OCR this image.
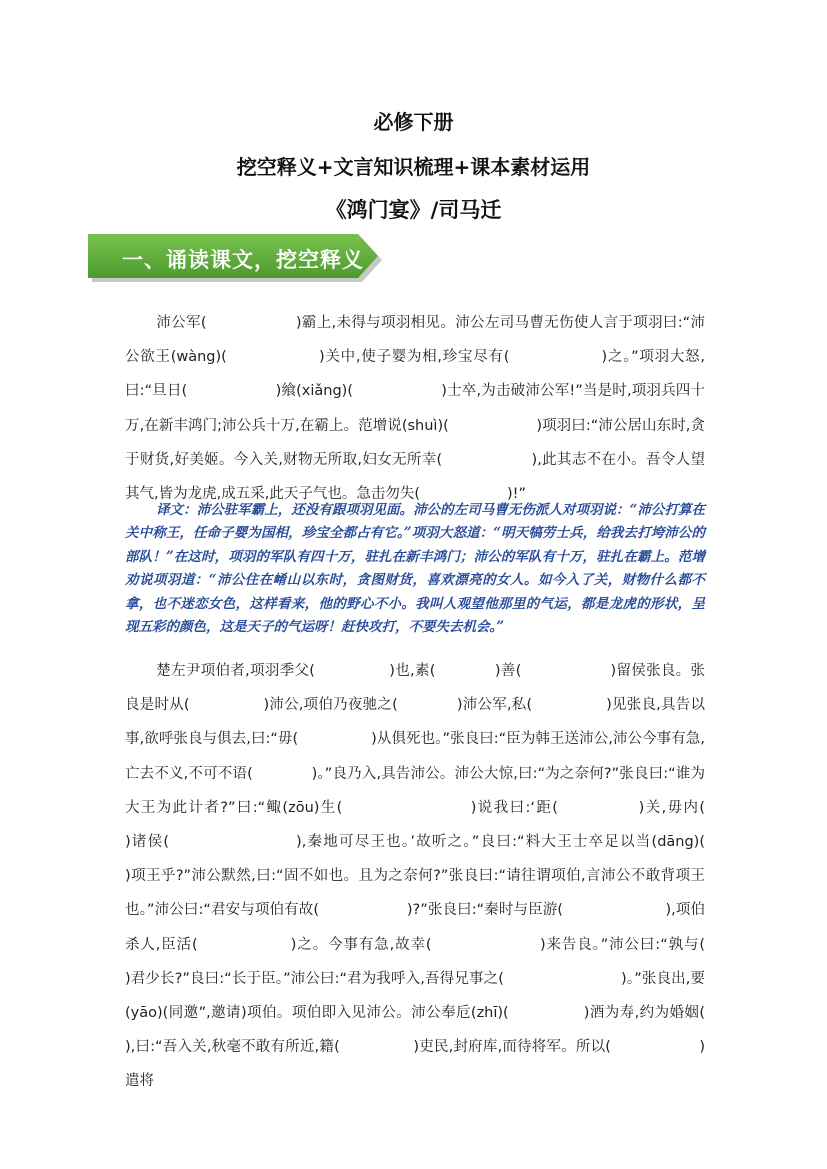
必修下册
挖空释义+文言知识梳理+课本素材运用
《鸿门宴》/司马迁
一、诵读课文，挖空释义

沛公军(　　　　　　)霸上,未得与项羽相见。沛公左司马曹无伤使人言于项羽曰:“沛公欲王(wàng)(　　　　　　)关中,使子婴为相,珍宝尽有(　　　　　　)之。”项羽大怒,曰:“旦日(　　　　　　)飨(xiǎng)(　　　　　　)士卒,为击破沛公军!”当是时,项羽兵四十万,在新丰鸿门;沛公兵十万,在霸上。范增说(shuì)(　　　　　　)项羽曰:“沛公居山东时,贪于财货,好美姬。今入关,财物无所取,妇女无所幸(　　　　　　),此其志不在小。吾令人望其气,皆为龙虎,成五采,此天子气也。急击勿失(　　　　　　)!”

译文：沛公驻军霸上，还没有跟项羽见面。沛公的左司马曹无伤派人对项羽说：“沛公打算在关中称王，任命子婴为国相，珍宝全都占有它。”项羽大怒道：“明天犒劳士兵，给我去打垮沛公的部队！”在这时，项羽的军队有四十万，驻扎在新丰鸿门；沛公的军队有十万，驻扎在霸上。范增劝说项羽道：“沛公住在崤山以东时，贪图财货，喜欢漂亮的女人。如今入了关，财物什么都不拿，也不迷恋女色，这样看来，他的野心不小。我叫人观望他那里的气运，都是龙虎的形状，呈现五彩的颜色，这是天子的气运呀！赶快攻打，不要失去机会。”

楚左尹项伯者,项羽季父(　　　　　)也,素(　　　　)善(　　　　　　)留侯张良。张良是时从(　　　　　)沛公,项伯乃夜驰之(　　　　)沛公军,私(　　　　　)见张良,具告以事,欲呼张良与俱去,曰:“毋(　　　　　)从俱死也。”张良曰:“臣为韩王送沛公,沛公今事有急,亡去不义,不可不语(　　　　)。”良乃入,具告沛公。沛公大惊,曰:“为之奈何?”张良曰:“谁为大王为此计者?”曰:“鲰(zōu)生(　　　　　　　　)说我曰:‘距(　　　　　)关,毋内(　　　　　)诸侯(　　　　　　　　),秦地可尽王也。’故听之。”良曰:“料大王士卒足以当(dāng)(　　　　　　　　)项王乎?”沛公默然,曰:“固不如也。且为之奈何?”张良曰:“请往谓项伯,言沛公不敢背项王也。”沛公曰:“君安与项伯有故(　　　　　　)?”张良曰:“秦时与臣游(　　　　　　　),项伯杀人,臣活(　　　　　　)之。今事有急,故幸(　　　　　　　)来告良。”沛公曰:“孰与(　　　　　　　)君少长?”良曰:“长于臣。”沛公曰:“君为我呼入,吾得兄事之(　　　　　　　　)。”张良出,要(yāo)(同邀”,邀请)项伯。项伯即入见沛公。沛公奉卮(zhī)(　　　　　)酒为寿,约为婚姻(　　　　　　),曰:“吾入关,秋毫不敢有所近,籍(　　　　　)吏民,封府库,而待将军。所以(　　　　　　)遣将
